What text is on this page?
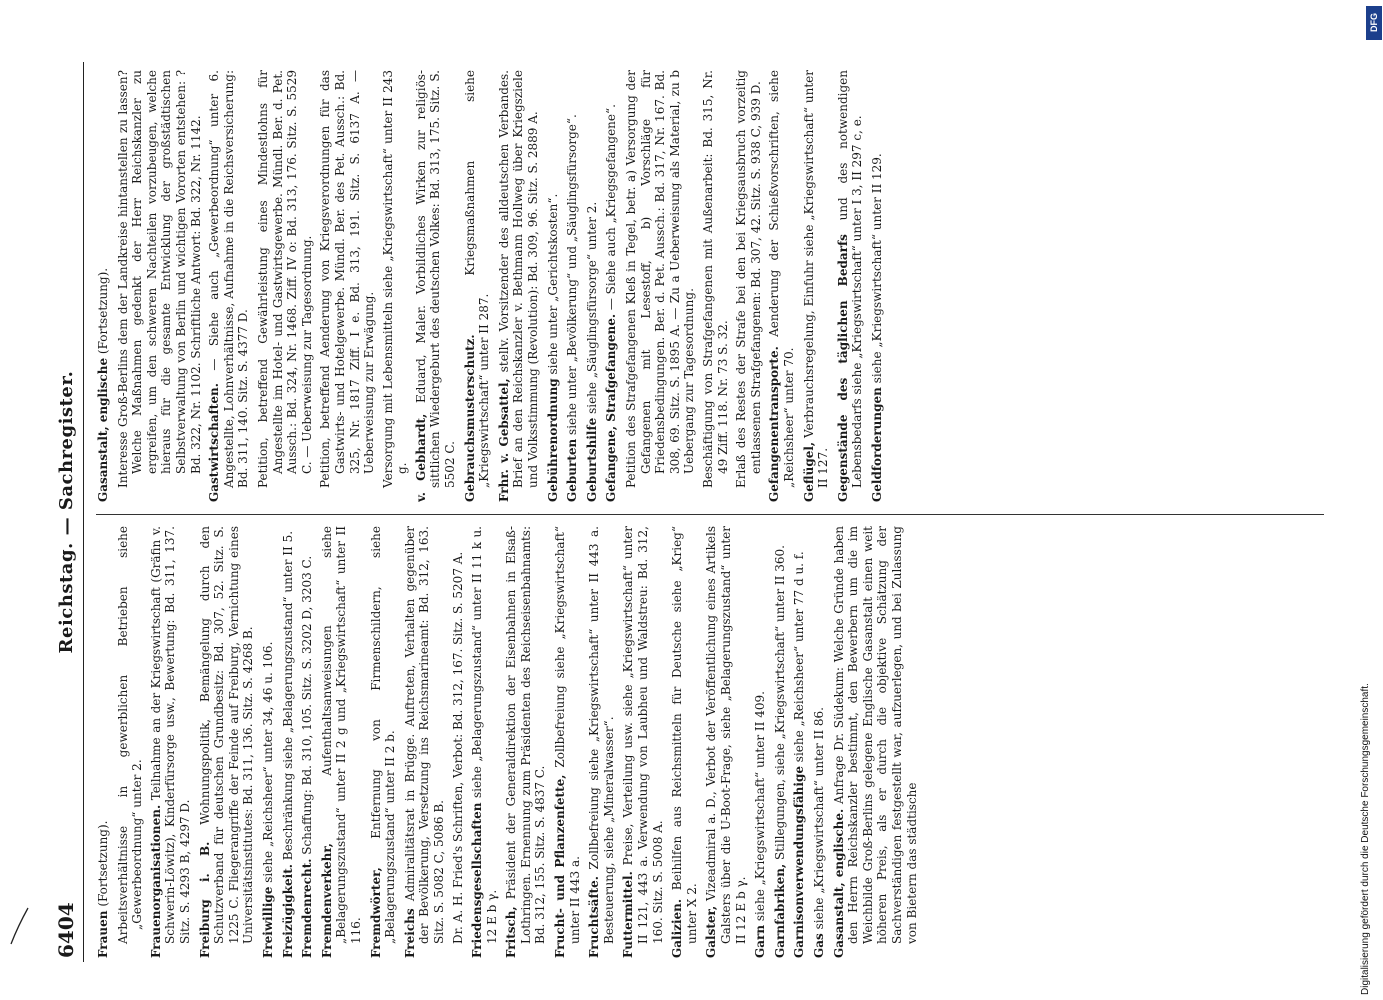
6404
Reichstag. — Sachregister.

Frauen (Fortsetzung). Arbeitsverhältnisse in gewerblichen Betrieben siehe „Gewerbeordnung“ unter 2. Frauenorganisationen. Teilnahme an der Kriegswirtschaft (Gräfin v. Schwerin-Löwitz), Kinderfürsorge usw., Bewertung: Bd. 311, 137. Sitz. S. 4293 B, 4297 D. Freiburg i. B. Wohnungspolitik, Bemängelung durch den Schutzverband für deutschen Grundbesitz: Bd. 307, 52. Sitz. S. 1225 C. Fliegerangriffe der Feinde auf Freiburg, Vernichtung eines Universitätsinstitutes: Bd. 311, 136. Sitz. S. 4268 B. Freiwillige siehe „Reichsheer“ unter 34, 46 u. 106.

Freizügigkeit. Beschränkung siehe „Belagerungszustand“ unter II 5.

Fremdenrecht. Schaffung: Bd. 310, 105. Sitz. S. 3202 D, 3203 C.

Fremdenverkehr, Aufenthaltsanweisungen siehe „Belagerungszustand“ unter II 2 g und „Kriegswirtschaft“ unter II 116. Fremdwörter, Entfernung von Firmenschildern, siehe „Belagerungszustand“ unter II 2 b. Freichs Admiralitätsrat in Brügge. Auftreten, Verhalten gegenüber der Bevölkerung, Versetzung ins Reichsmarineamt: Bd. 312, 163. Sitz. S. 5082 C, 5086 B. Dr. A. H. Fried's Schriften, Verbot: Bd. 312, 167. Sitz. S. 5207 A. Friedensgesellschaften siehe „Belagerungszustand“ unter II 11 k u. 12 E b γ. Fritsch, Präsident der Generaldirektion der Eisenbahnen in Elsaß-Lothringen. Ernennung zum Präsidenten des Reichseisenbahnamts: Bd. 312, 155. Sitz. S. 4837 C. Frucht- und Pflanzenfette, Zollbefreiung siehe „Kriegswirtschaft“ unter II 443 a. Fruchtsäfte. Zollbefreiung siehe „Kriegswirtschaft“ unter II 443 a. Besteuerung, siehe „Mineralwasser“. Futtermittel. Preise, Verteilung usw. siehe „Kriegswirtschaft“ unter II 121, 443 a. Verwendung von Laubheu und Waldstreu: Bd. 312, 160. Sitz. S. 5008 A. Galizien. Beihilfen aus Reichsmitteln für Deutsche siehe „Krieg“ unter X 2. Galster, Vizeadmiral a. D., Verbot der Veröffentlichung eines Artikels Galsters über die U-Boot-Frage, siehe „Belagerungszustand“ unter II 12 E b γ. Garn siehe „Kriegswirtschaft“ unter II 409. Garnfabriken, Stillegungen, siehe „Kriegswirtschaft“ unter II 360. Garnisonverwendungsfähige siehe „Reichsheer“ unter 77 d u. f.

Gas siehe „Kriegswirtschaft“ unter II 86. Gasanstalt, englische. Anfrage Dr. Südekum: Welche Gründe haben den Herrn Reichskanzler bestimmt, den Bewerbern um die im Weichbilde Groß-Berlins gelegene Englische Gasanstalt einen weit höheren Preis, als er durch die objektive Schätzung der Sachverständigen festgestellt war, aufzuerlegen, und bei Zulassung von Bietern das städtische

Gasanstalt, englische (Fortsetzung). Interesse Groß-Berlins dem der Landkreise hintanstellen zu lassen? Welche Maßnahmen gedenkt der Herr Reichskanzler zu ergreifen, um den schweren Nachteilen vorzubeugen, welche hieraus für die gesamte Entwicklung der großstädtischen Selbstverwaltung von Berlin und wichtigen Vororten entstehen: ? Bd. 322, Nr. 1102. Schriftliche Antwort: Bd. 322, Nr. 1142. Gastwirtschaften. — Siehe auch „Gewerbeordnung“ unter 6. Angestellte, Lohnverhältnisse, Aufnahme in die Reichsversicherung: Bd. 311, 140. Sitz. S. 4377 D. Petition, betreffend Gewährleistung eines Mindestlohns für Angestellte im Hotel- und Gastwirtsgewerbe. Mündl. Ber. d. Pet. Aussch.: Bd. 324, Nr. 1468. Ziff. IV o: Bd. 313, 176. Sitz. S. 5529 C. — Ueberweisung zur Tagesordnung. Petition, betreffend Aenderung von Kriegsverordnungen für das Gastwirts- und Hotelgewerbe. Mündl. Ber. des Pet. Aussch.: Bd. 325, Nr. 1817 Ziff. I e. Bd. 313, 191. Sitz. S. 6137 A. — Ueberweisung zur Erwägung. Versorgung mit Lebensmitteln siehe „Kriegswirtschaft“ unter II 243 g. v. Gebhardt, Eduard, Maler. Vorbildliches Wirken zur religiös-sittlichen Wiedergeburt des deutschen Volkes: Bd. 313, 175. Sitz. S. 5502 C. Gebrauchsmusterschutz. Kriegsmaßnahmen siehe „Kriegswirtschaft“ unter II 287. Frhr. v. Gebsattel, stellv. Vorsitzender des alldeutschen Verbandes. Brief an den Reichskanzler v. Bethmann Hollweg über Kriegsziele und Volksstimmung (Revolution): Bd. 309, 96. Sitz. S. 2889 A. Gebührenordnung siehe unter „Gerichtskosten“.

Geburten siehe unter „Bevölkerung“ und „Säuglingsfürsorge“.

Geburtshilfe siehe „Säuglingsfürsorge“ unter 2. Gefangene, Strafgefangene. — Siehe auch „Kriegsgefangene“. Petition des Strafgefangenen Kleß in Tegel, betr. a) Versorgung der Gefangenen mit Lesestoff, b) Vorschläge für Friedensbedingungen. Ber. d. Pet. Aussch.: Bd. 317, Nr. 167. Bd. 308, 69. Sitz. S. 1895 A. — Zu a Ueberweisung als Material, zu b Uebergang zur Tagesordnung. Beschäftigung von Strafgefangenen mit Außenarbeit: Bd. 315, Nr. 49 Ziff. 118. Nr. 73 S. 32. Erlaß des Restes der Strafe bei den bei Kriegsausbruch vorzeitig entlassenen Strafgefangenen: Bd. 307, 42. Sitz. S. 938 C, 939 D. Gefangenentransporte. Aenderung der Schießvorschriften, siehe „Reichsheer“ unter 70. Geflügel, Verbrauchsregelung, Einfuhr siehe „Kriegswirtschaft“ unter II 127. Gegenstände des täglichen Bedarfs und des notwendigen Lebensbedarfs siehe „Kriegswirtschaft“ unter I 3, II 297 c, e. Geldforderungen siehe „Kriegswirtschaft“ unter II 129.

DFG
Digitalisierung gefördert durch die Deutsche Forschungsgemeinschaft.
